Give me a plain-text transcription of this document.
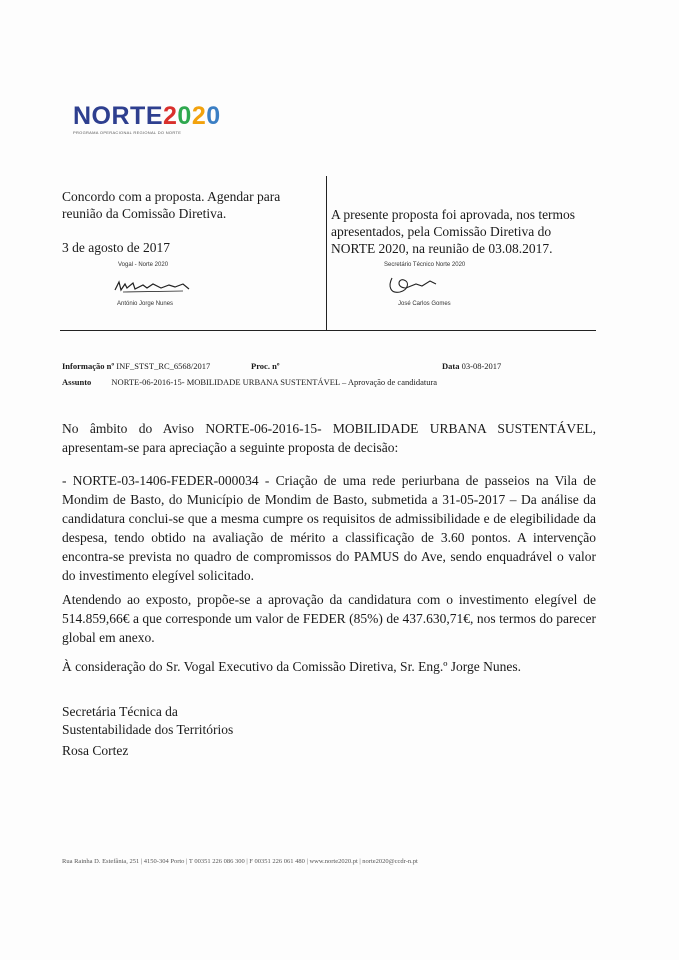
NORTE 2 0 2 0
PROGRAMA OPERACIONAL REGIONAL DO NORTE
Concordo com a proposta. Agendar para reunião da Comissão Diretiva.
3 de agosto de 2017
Vogal - Norte 2020
António Jorge Nunes
A presente proposta foi aprovada, nos termos apresentados, pela Comissão Diretiva do NORTE 2020, na reunião de 03.08.2017.
Secretário Técnico Norte 2020
José Carlos Gomes
Informação nº INF_STST_RC_6568/2017	Proc. nº	Data 03-08-2017
Assunto NORTE-06-2016-15- MOBILIDADE URBANA SUSTENTÁVEL – Aprovação de candidatura
No âmbito do Aviso NORTE-06-2016-15- MOBILIDADE URBANA SUSTENTÁVEL, apresentam-se para apreciação a seguinte proposta de decisão:
- NORTE-03-1406-FEDER-000034 - Criação de uma rede periurbana de passeios na Vila de Mondim de Basto, do Município de Mondim de Basto, submetida a 31-05-2017 – Da análise da candidatura conclui-se que a mesma cumpre os requisitos de admissibilidade e de elegibilidade da despesa, tendo obtido na avaliação de mérito a classificação de 3.60 pontos. A intervenção encontra-se prevista no quadro de compromissos do PAMUS do Ave, sendo enquadrável o valor do investimento elegível solicitado.
Atendendo ao exposto, propõe-se a aprovação da candidatura com o investimento elegível de 514.859,66€ a que corresponde um valor de FEDER (85%) de 437.630,71€, nos termos do parecer global em anexo.
À consideração do Sr. Vogal Executivo da Comissão Diretiva, Sr. Eng.º Jorge Nunes.
Secretária Técnica da
Sustentabilidade dos Territórios
Rosa Cortez
Rua Rainha D. Estefânia, 251 | 4150-304 Porto | T 00351 226 086 300 | F 00351 226 061 480 | www.norte2020.pt | norte2020@ccdr-n.pt
